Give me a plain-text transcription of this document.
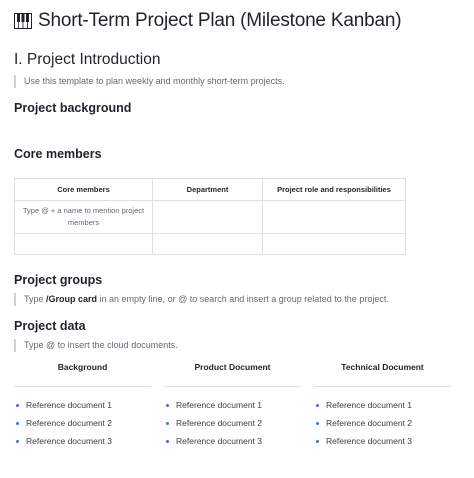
Short-Term Project Plan (Milestone Kanban)
I. Project Introduction
Use this template to plan weekly and monthly short-term projects.
Project background
Core members
Core members	Department	Project role and responsibilities
Type @ + a name to mention project members		

Project groups
Type /Group card in an empty line, or @ to search and insert a group related to the project.
Project data
Type @ to insert the cloud documents.
Background
Reference document 1
Reference document 2
Reference document 3
Product Document
Reference document 1
Reference document 2
Reference document 3
Technical Document
Reference document 1
Reference document 2
Reference document 3
